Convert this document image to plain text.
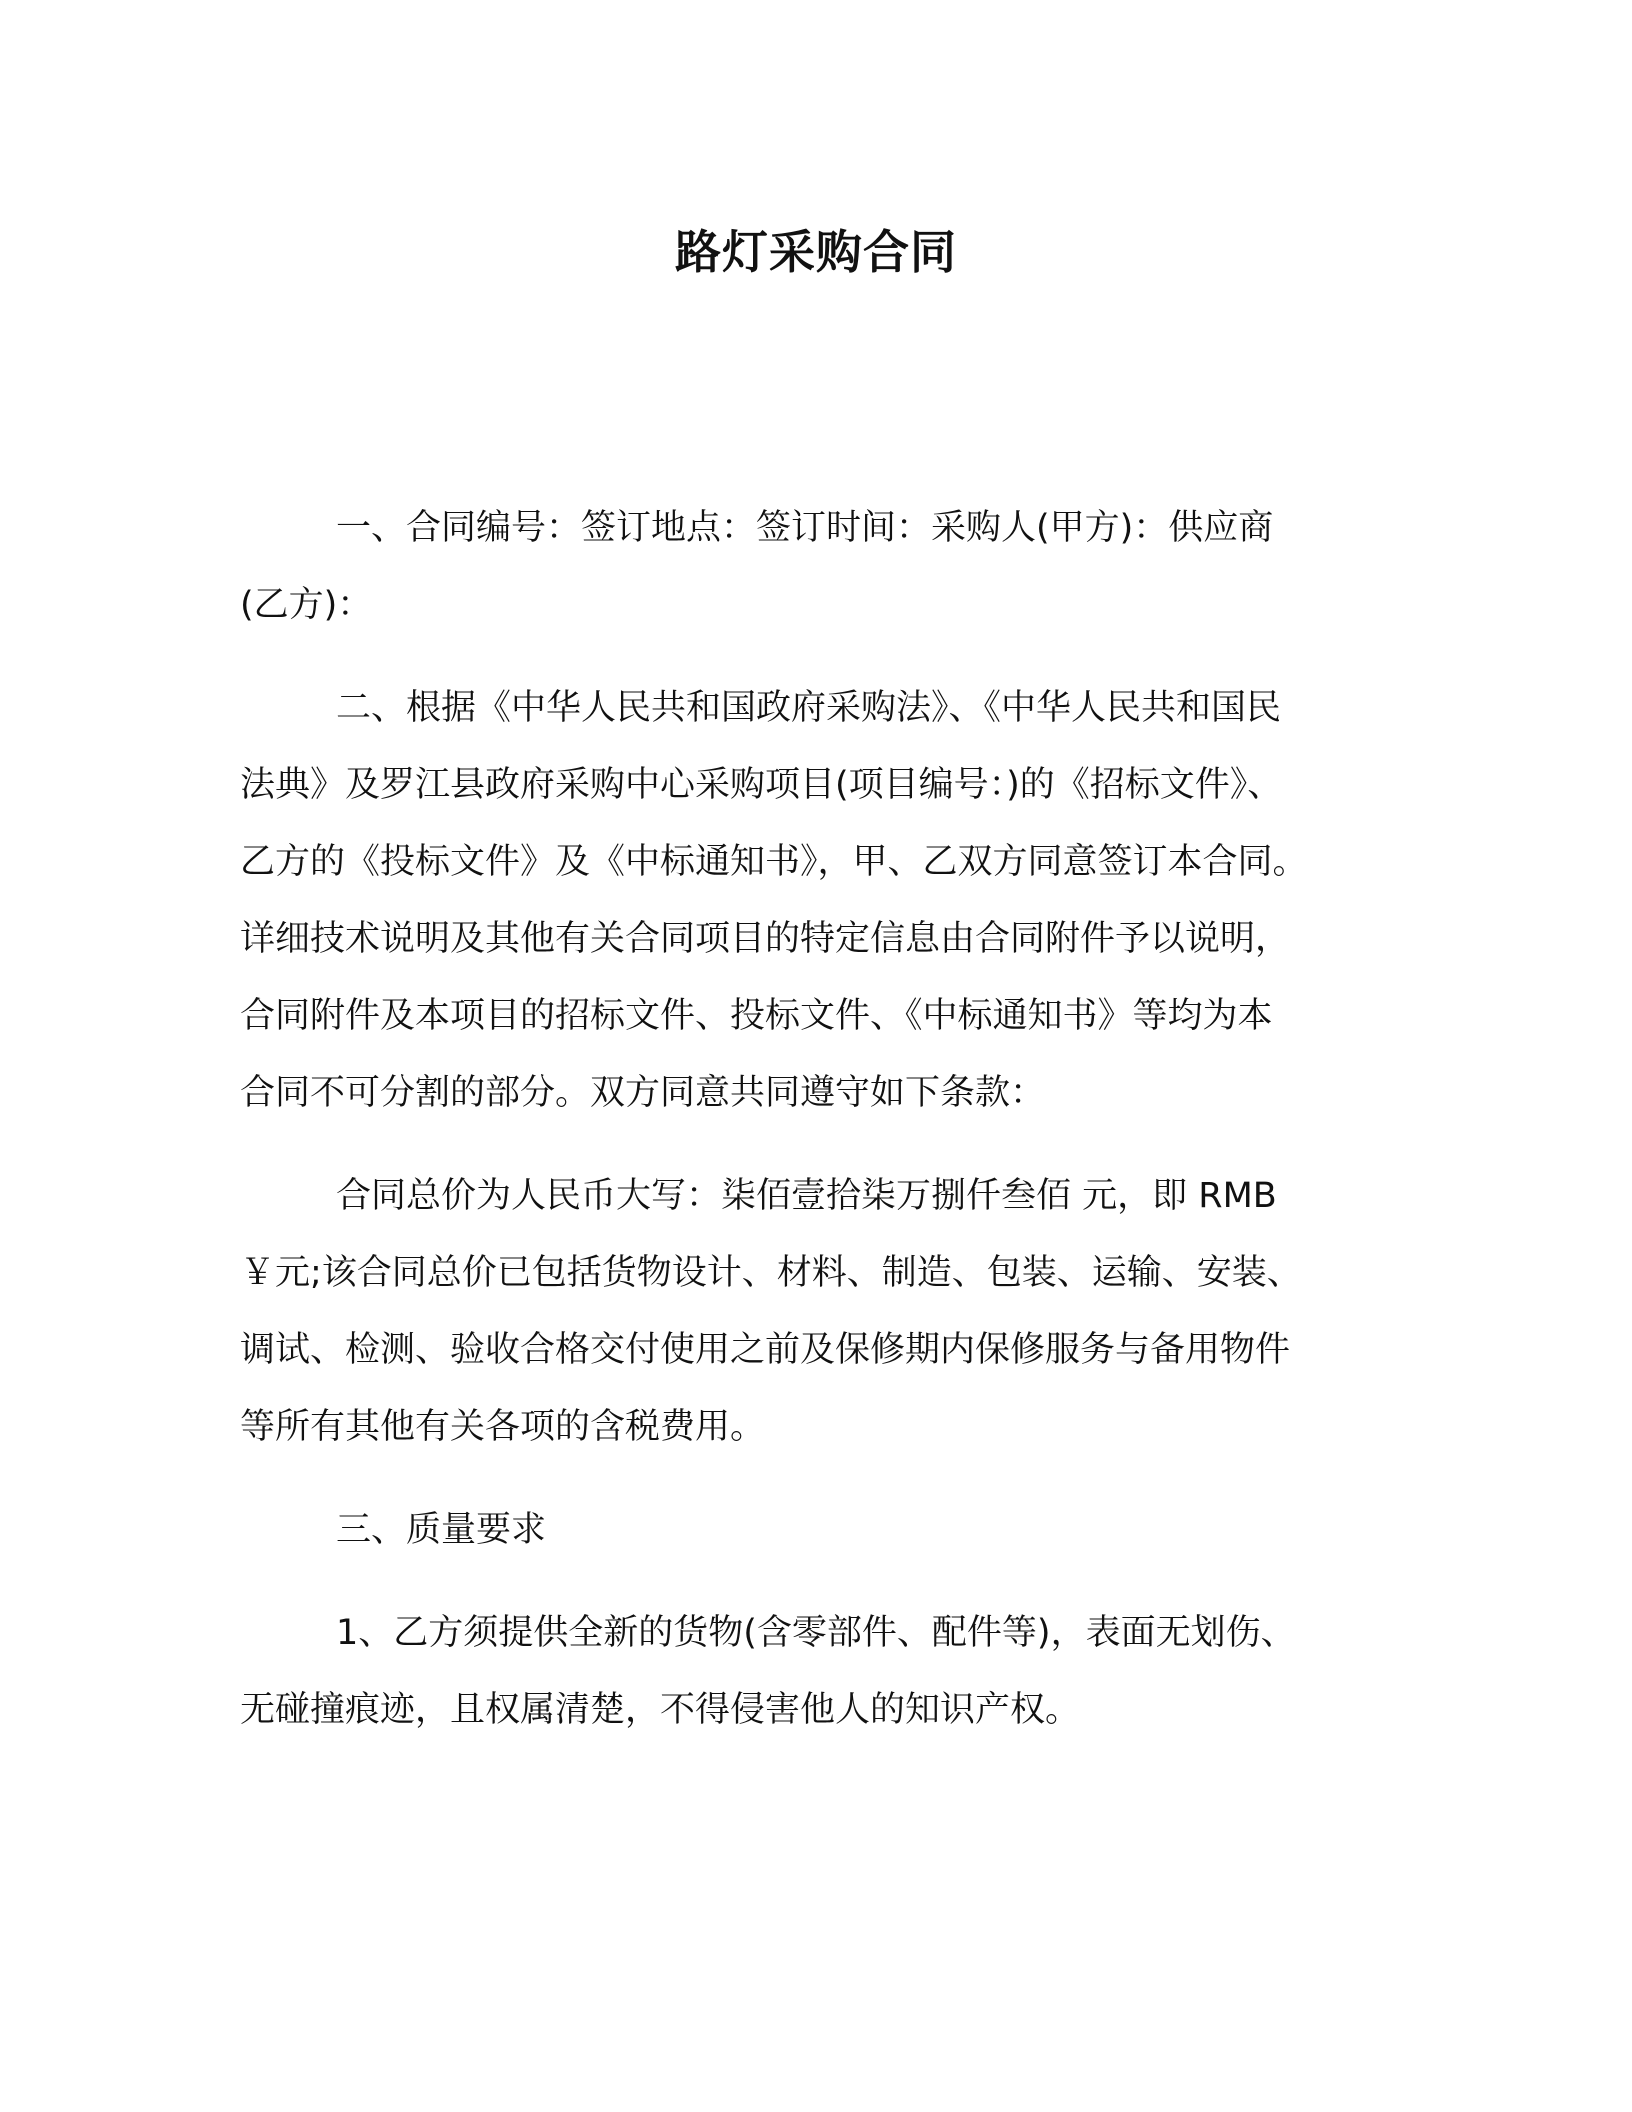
路灯采购合同
一、合同编号：签订地点：签订时间：采购人(甲方)：供应商
(乙方)：
二、根据《中华人民共和国政府采购法》、《中华人民共和国民
法典》及罗江县政府采购中心采购项目(项目编号：)的《招标文件》、
乙方的《投标文件》及《中标通知书》，甲、乙双方同意签订本合同。
详细技术说明及其他有关合同项目的特定信息由合同附件予以说明，
合同附件及本项目的招标文件、投标文件、《中标通知书》等均为本
合同不可分割的部分。双方同意共同遵守如下条款：
合同总价为人民币大写：柒佰壹拾柒万捌仟叁佰 元，即 RMB
￥元;该合同总价已包括货物设计、材料、制造、包装、运输、安装、
调试、检测、验收合格交付使用之前及保修期内保修服务与备用物件
等所有其他有关各项的含税费用。
三、质量要求
1、乙方须提供全新的货物(含零部件、配件等)，表面无划伤、
无碰撞痕迹，且权属清楚，不得侵害他人的知识产权。
